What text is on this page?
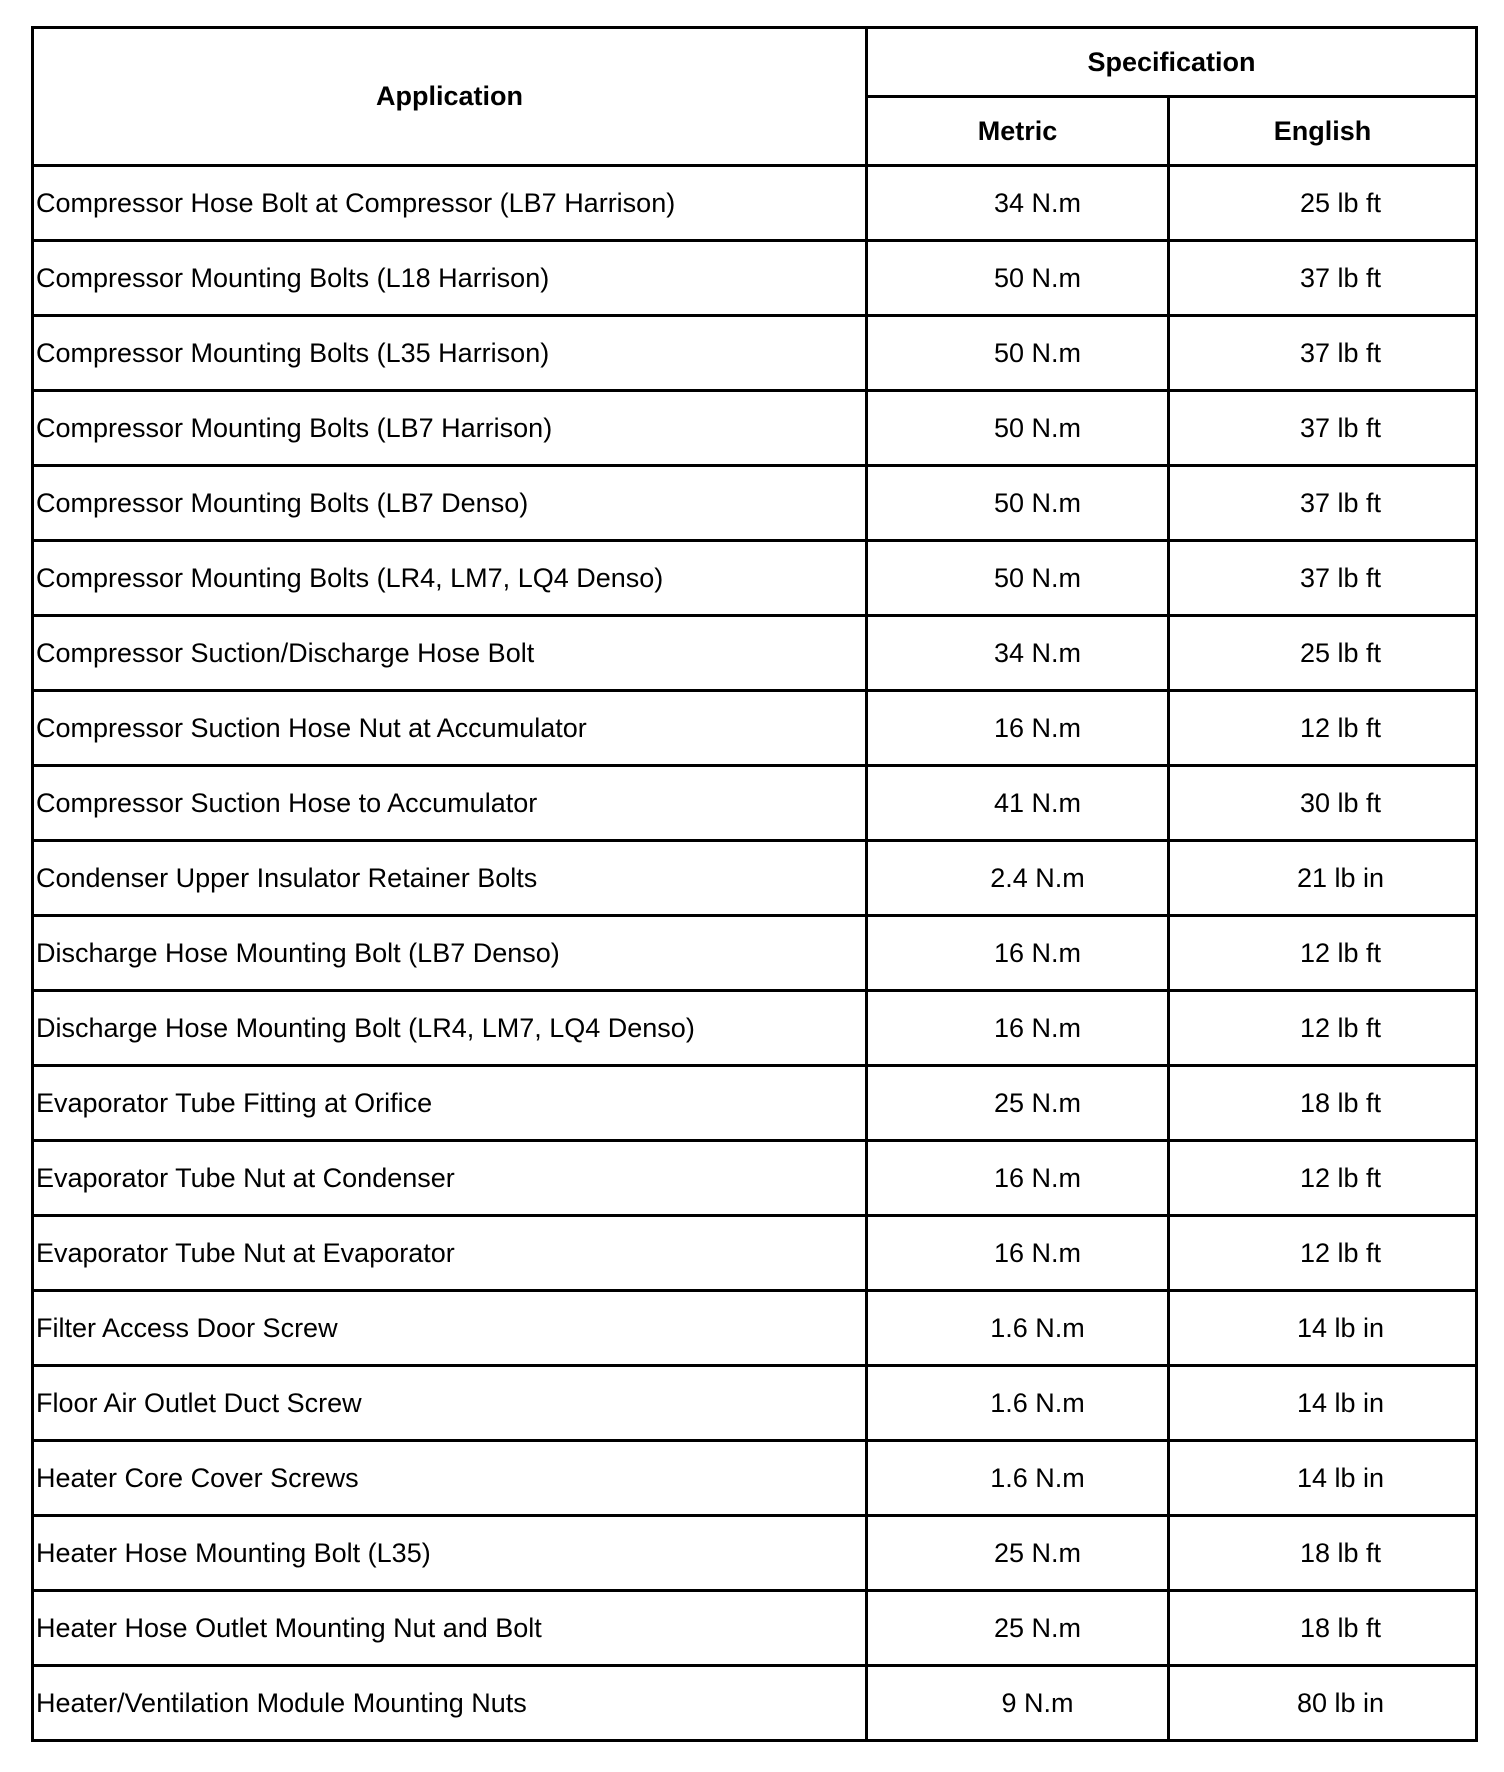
Application	Specification	
	Metric	English
Compressor Hose Bolt at Compressor (LB7 Harrison)	34 N.m	25 lb ft
Compressor Mounting Bolts (L18 Harrison)	50 N.m	37 lb ft
Compressor Mounting Bolts (L35 Harrison)	50 N.m	37 lb ft
Compressor Mounting Bolts (LB7 Harrison)	50 N.m	37 lb ft
Compressor Mounting Bolts (LB7 Denso)	50 N.m	37 lb ft
Compressor Mounting Bolts (LR4, LM7, LQ4 Denso)	50 N.m	37 lb ft
Compressor Suction/Discharge Hose Bolt	34 N.m	25 lb ft
Compressor Suction Hose Nut at Accumulator	16 N.m	12 lb ft
Compressor Suction Hose to Accumulator	41 N.m	30 lb ft
Condenser Upper Insulator Retainer Bolts	2.4 N.m	21 lb in
Discharge Hose Mounting Bolt (LB7 Denso)	16 N.m	12 lb ft
Discharge Hose Mounting Bolt (LR4, LM7, LQ4 Denso)	16 N.m	12 lb ft
Evaporator Tube Fitting at Orifice	25 N.m	18 lb ft
Evaporator Tube Nut at Condenser	16 N.m	12 lb ft
Evaporator Tube Nut at Evaporator	16 N.m	12 lb ft
Filter Access Door Screw	1.6 N.m	14 lb in
Floor Air Outlet Duct Screw	1.6 N.m	14 lb in
Heater Core Cover Screws	1.6 N.m	14 lb in
Heater Hose Mounting Bolt (L35)	25 N.m	18 lb ft
Heater Hose Outlet Mounting Nut and Bolt	25 N.m	18 lb ft
Heater/Ventilation Module Mounting Nuts	9 N.m	80 lb in
